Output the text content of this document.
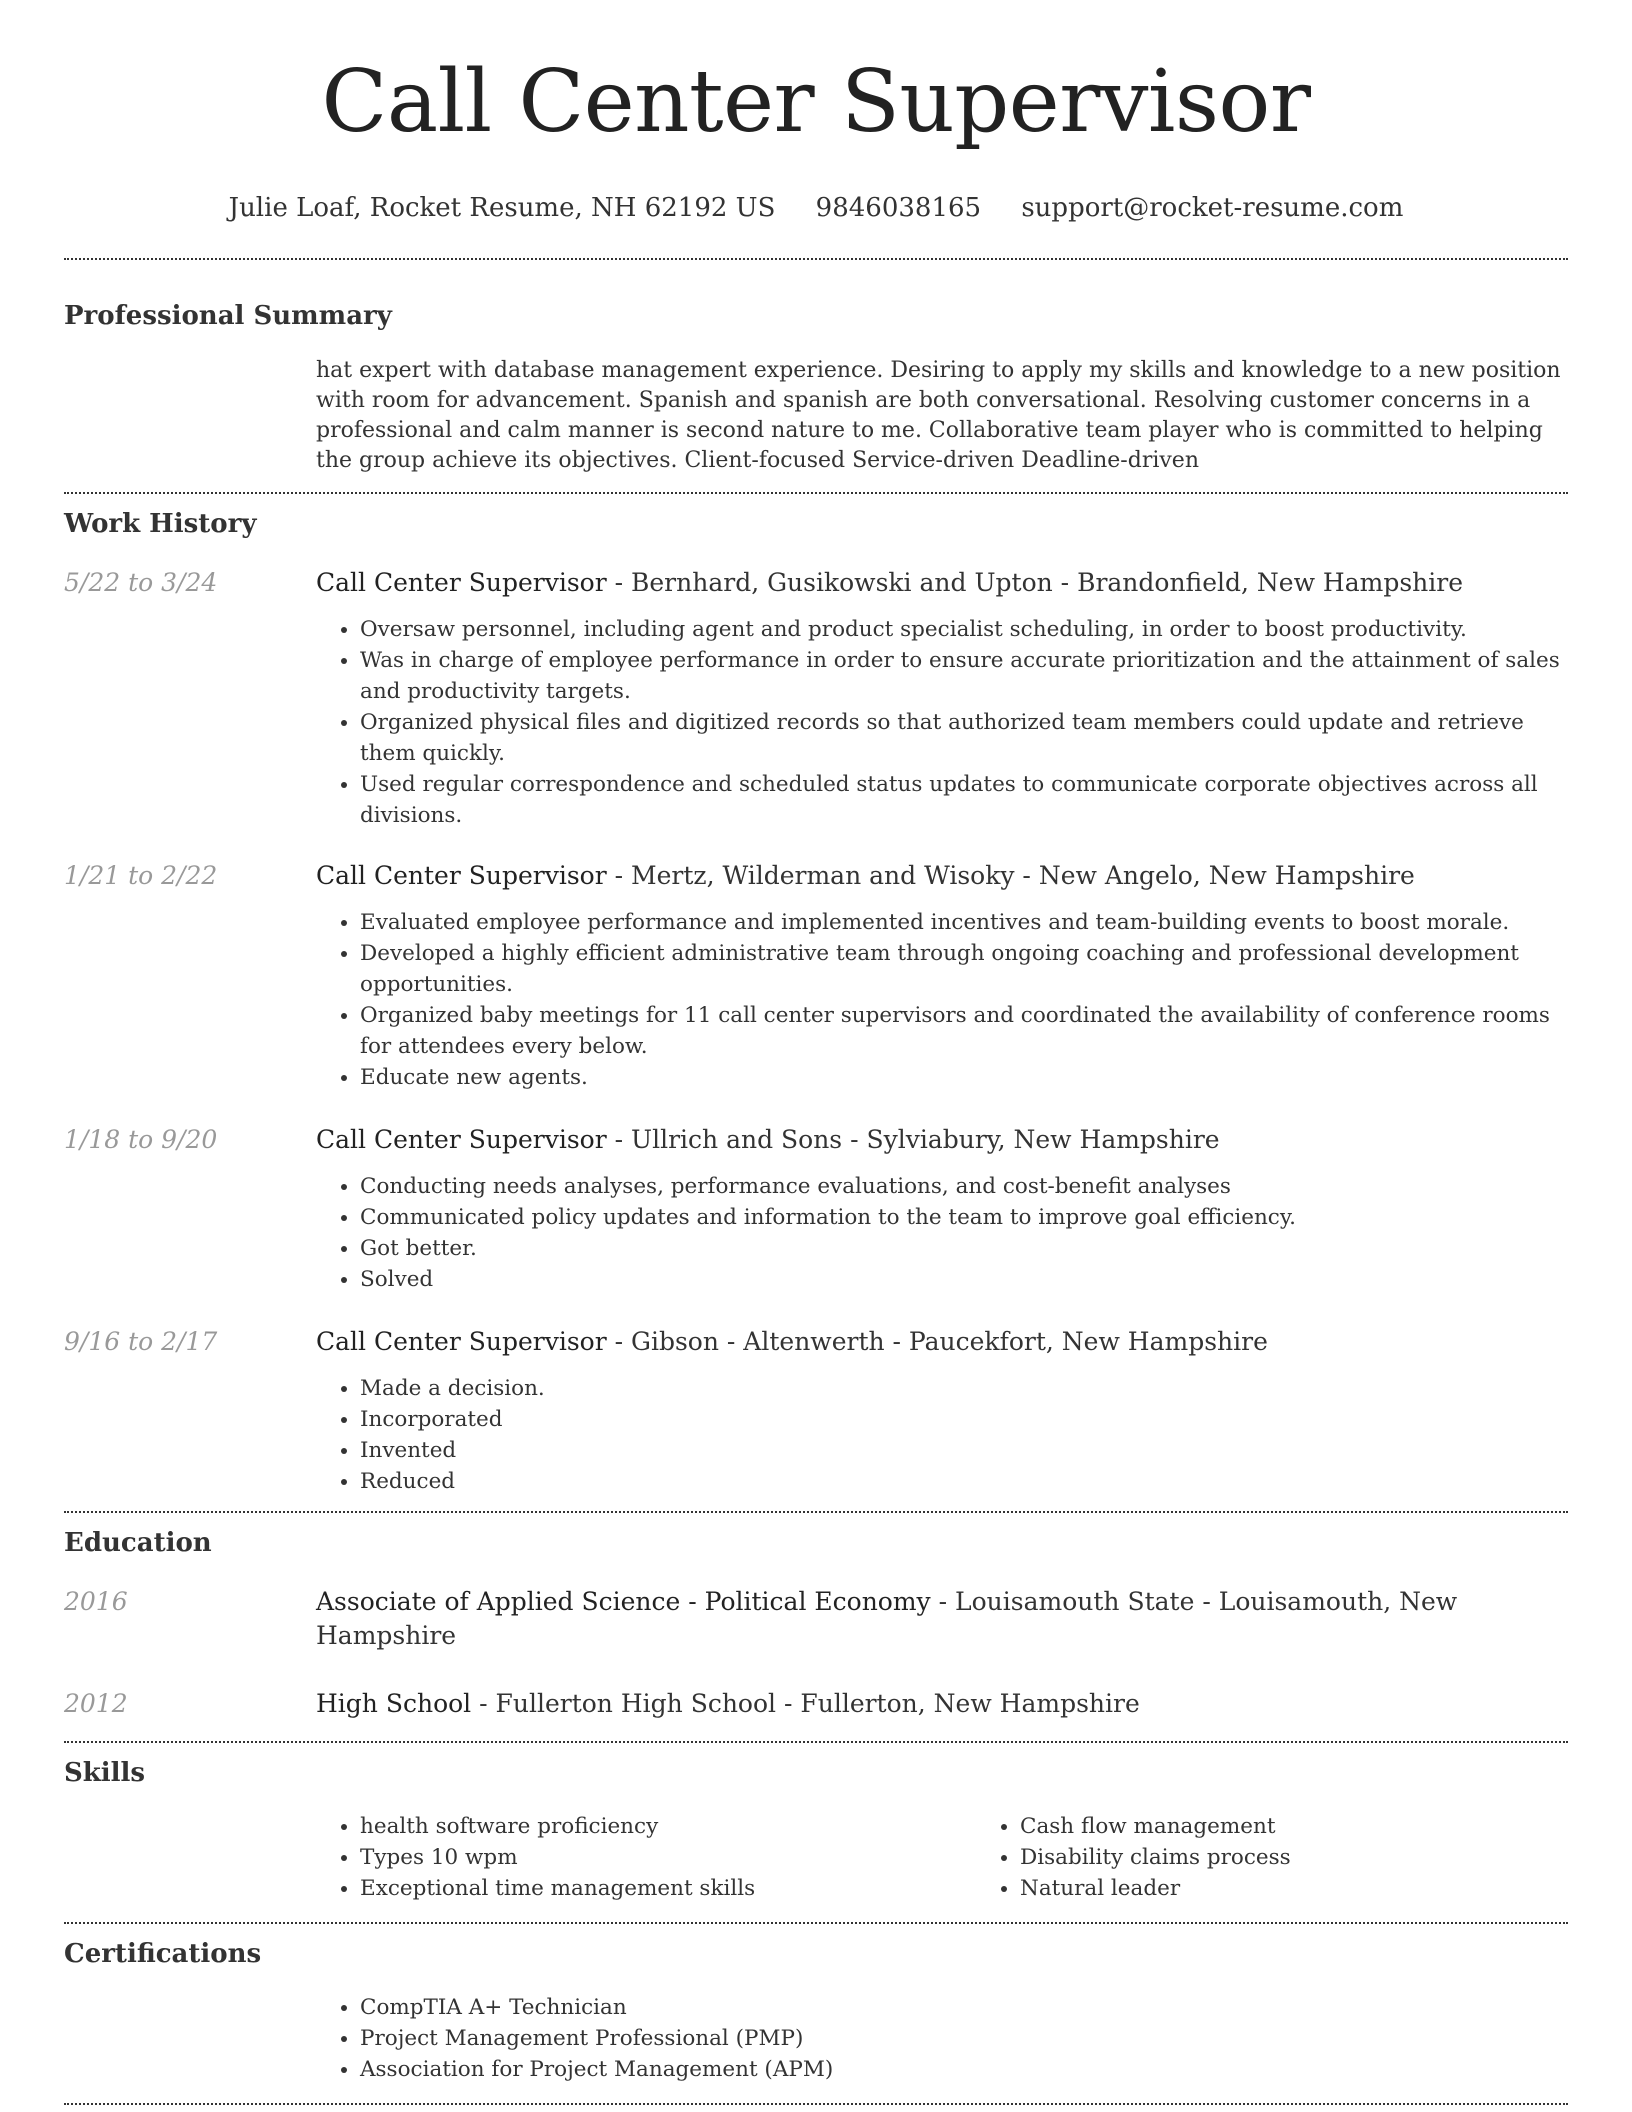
Call Center Supervisor
Julie Loaf, Rocket Resume, NH 62192 US 9846038165 support@rocket-resume.com
Professional Summary

hat expert with database management experience. Desiring to apply my skills and knowledge to a new position with room for advancement. Spanish and spanish are both conversational. Resolving customer concerns in a professional and calm manner is second nature to me. Collaborative team player who is committed to helping the group achieve its objectives. Client-focused Service-driven Deadline-driven

Work History
5/22 to 3/24	Call Center Supervisor - Bernhard, Gusikowski and Upton - Brandonfield, New Hampshire
• Oversaw personnel, including agent and product specialist scheduling, in order to boost productivity.
• Was in charge of employee performance in order to ensure accurate prioritization and the attainment of sales and productivity targets.
• Organized physical files and digitized records so that authorized team members could update and retrieve them quickly.
• Used regular correspondence and scheduled status updates to communicate corporate objectives across all divisions.
1/21 to 2/22	Call Center Supervisor - Mertz, Wilderman and Wisoky - New Angelo, New Hampshire
• Evaluated employee performance and implemented incentives and team-building events to boost morale.
• Developed a highly efficient administrative team through ongoing coaching and professional development opportunities.
• Organized baby meetings for 11 call center supervisors and coordinated the availability of conference rooms for attendees every below.
• Educate new agents.
1/18 to 9/20	Call Center Supervisor - Ullrich and Sons - Sylviabury, New Hampshire
• Conducting needs analyses, performance evaluations, and cost-benefit analyses
• Communicated policy updates and information to the team to improve goal efficiency.
• Got better.
• Solved
9/16 to 2/17	Call Center Supervisor - Gibson - Altenwerth - Paucekfort, New Hampshire
• Made a decision.
• Incorporated
• Invented
• Reduced
Education
2016	Associate of Applied Science - Political Economy - Louisamouth State - Louisamouth, New Hampshire
2012	High School - Fullerton High School - Fullerton, New Hampshire
Skills
• health software proficiency
• Types 10 wpm
• Exceptional time management skills
• Cash flow management
• Disability claims process
• Natural leader
Certifications
• CompTIA A+ Technician
• Project Management Professional (PMP)
• Association for Project Management (APM)
